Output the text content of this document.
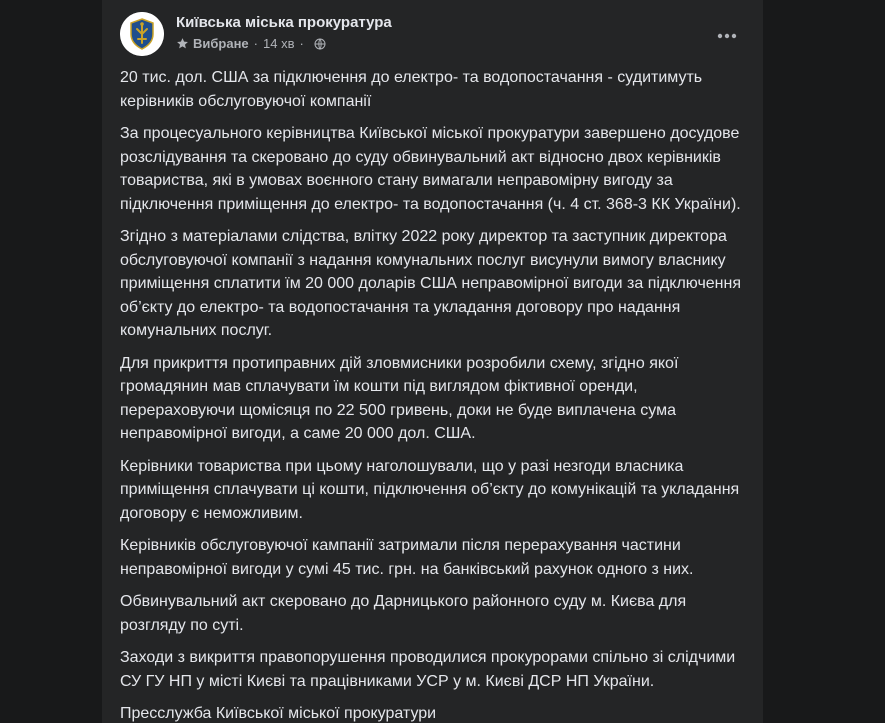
Київська міська прокуратура
Вибране · 14 хв ·

20 тис. дол. США за підключення до електро- та водопостачання - судитимуть керівників обслуговуючої компанії

За процесуального керівництва Київської міської прокуратури завершено досудове розслідування та скеровано до суду обвинувальний акт відносно двох керівників товариства, які в умовах воєнного стану вимагали неправомірну вигоду за підключення приміщення до електро- та водопостачання (ч. 4 ст. 368-3 КК України).

Згідно з матеріалами слідства, влітку 2022 року директор та заступник директора обслуговуючої компанії з надання комунальних послуг висунули вимогу власнику приміщення сплатити їм 20 000 доларів США неправомірної вигоди за підключення об’єкту до електро- та водопостачання та укладання договору про надання комунальних послуг.

Для прикриття протиправних дій зловмисники розробили схему, згідно якої громадянин мав сплачувати їм кошти під виглядом фіктивної оренди, перераховуючи щомісяця по 22 500 гривень, доки не буде виплачена сума неправомірної вигоди, а саме 20 000 дол. США.

Керівники товариства при цьому наголошували, що у разі незгоди власника приміщення сплачувати ці кошти, підключення об’єкту до комунікацій та укладання договору є неможливим.

Керівників обслуговуючої кампанії затримали після перерахування частини неправомірної вигоди у сумі 45 тис. грн. на банківський рахунок одного з них.

Обвинувальний акт скеровано до Дарницького районного суду м. Києва для розгляду по суті.

Заходи з викриття правопорушення проводилися прокурорами спільно зі слідчими СУ ГУ НП у місті Києві та працівниками УСР у м. Києві ДСР НП України.

Пресслужба Київської міської прокуратури
